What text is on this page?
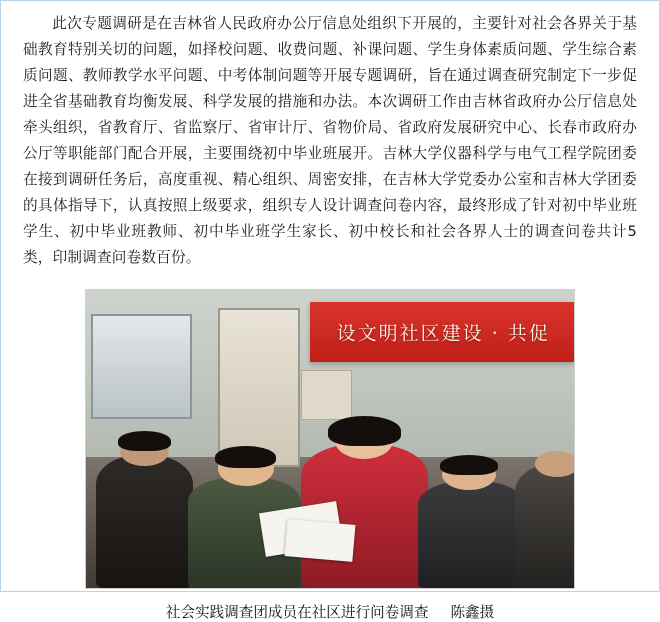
此次专题调研是在吉林省人民政府办公厅信息处组织下开展的，主要针对社会各界关于基础教育特别关切的问题，如择校问题、收费问题、补课问题、学生身体素质问题、学生综合素质问题、教师教学水平问题、中考体制问题等开展专题调研，旨在通过调查研究制定下一步促进全省基础教育均衡发展、科学发展的措施和办法。本次调研工作由吉林省政府办公厅信息处牵头组织，省教育厅、省监察厅、省审计厅、省物价局、省政府发展研究中心、长春市政府办公厅等职能部门配合开展，主要围绕初中毕业班展开。吉林大学仪器科学与电气工程学院团委在接到调研任务后，高度重视、精心组织、周密安排，在吉林大学党委办公室和吉林大学团委的具体指导下，认真按照上级要求，组织专人设计调查问卷内容，最终形成了针对初中毕业班学生、初中毕业班教师、初中毕业班学生家长、初中校长和社会各界人士的调查问卷共计5类，印制调查问卷数百份。

设文明社区建设 · 共促
社会实践调查团成员在社区进行问卷调查 陈鑫摄
